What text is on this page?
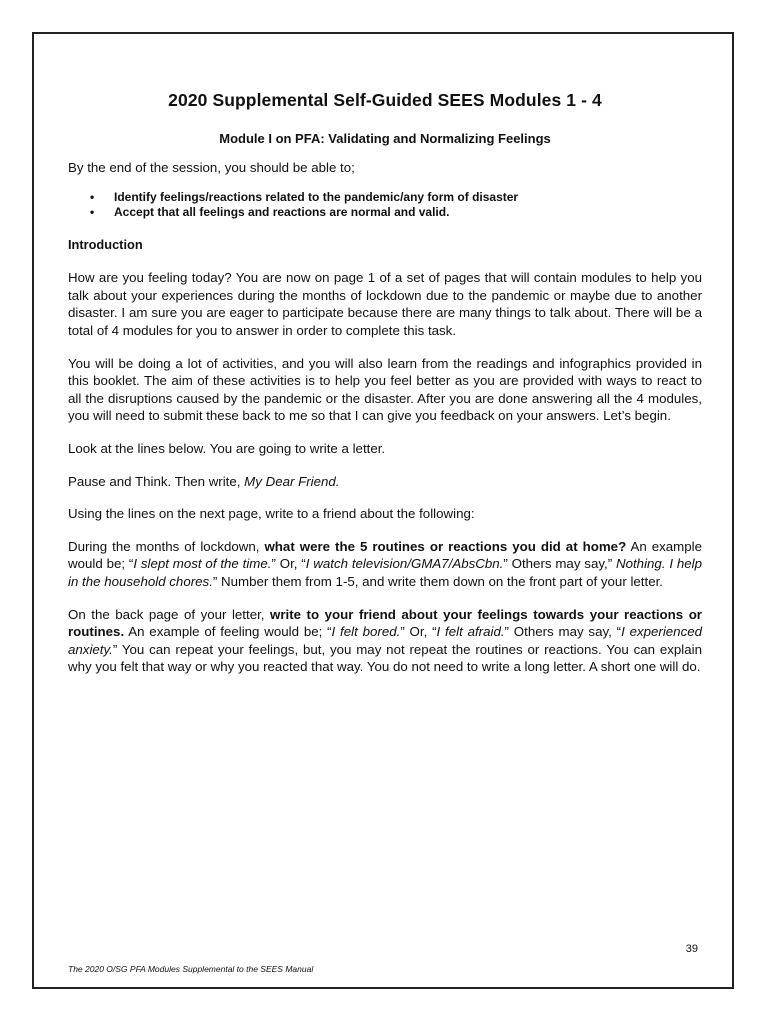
2020 Supplemental Self-Guided SEES Modules 1 - 4
Module I on PFA: Validating and Normalizing Feelings

By the end of the session, you should be able to;

• Identify feelings/reactions related to the pandemic/any form of disaster
• Accept that all feelings and reactions are normal and valid.

Introduction

How are you feeling today? You are now on page 1 of a set of pages that will contain modules to help you talk about your experiences during the months of lockdown due to the pandemic or maybe due to another disaster. I am sure you are eager to participate because there are many things to talk about. There will be a total of 4 modules for you to answer in order to complete this task.

You will be doing a lot of activities, and you will also learn from the readings and infographics provided in this booklet. The aim of these activities is to help you feel better as you are provided with ways to react to all the disruptions caused by the pandemic or the disaster. After you are done answering all the 4 modules, you will need to submit these back to me so that I can give you feedback on your answers. Let’s begin.

Look at the lines below. You are going to write a letter.

Pause and Think. Then write, My Dear Friend.

Using the lines on the next page, write to a friend about the following:

During the months of lockdown, what were the 5 routines or reactions you did at home? An example would be; “I slept most of the time.” Or, “I watch television/GMA7/AbsCbn.” Others may say,” Nothing. I help in the household chores.” Number them from 1-5, and write them down on the front part of your letter.

On the back page of your letter, write to your friend about your feelings towards your reactions or routines. An example of feeling would be; “I felt bored.” Or, “I felt afraid.” Others may say, “I experienced anxiety.” You can repeat your feelings, but, you may not repeat the routines or reactions. You can explain why you felt that way or why you reacted that way. You do not need to write a long letter. A short one will do.

39
The 2020 O/SG PFA Modules Supplemental to the SEES Manual
